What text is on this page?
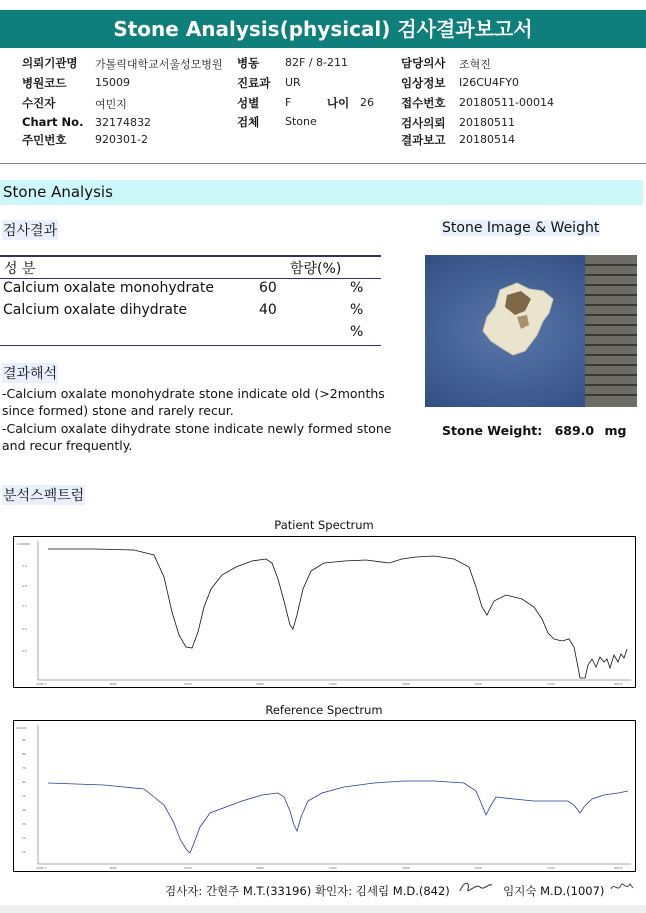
Stone Analysis(physical) 검사결과보고서
의뢰기관명 가톨릭대학교서울성모병원 병동 82F / 8-211	담당의사 조혁진
병원코드	15009	진료과 UR	임상정보 I26CU4FY0
수진자	여민지	성별 F	나이 26 접수번호 20180511-00014
Chart No. 32174832	검체 Stone	검사의뢰 20180511
주민번호	920301-2	결과보고 20180514
Stone Analysis
검사결과
성 분	함량(%)
Calcium oxalate monohydrate	60	%
Calcium oxalate dihydrate	40	%
%
결과해석
-Calcium oxalate monohydrate stone indicate old (>2months since formed) stone and rarely recur.
-Calcium oxalate dihydrate stone indicate newly formed stone and recur frequently.
Stone Image & Weight
Stone Weight: 689.0 mg
분석스펙트럼
Patient Spectrum
1.000000
0.9
0.8
0.7
0.6
0.5
4000.0	3600	3200	2800	2400	2000	1600	1200	800.0
Reference Spectrum
100.00
90
80
70
60
50
40
30
20
10
4000.0	3600	3200	2800	2400	2000	1600	1200	800.0
검사자: 간현주 M.T.(33196) 확인자: 김세림 M.D.(842)	임지숙 M.D.(1007)
